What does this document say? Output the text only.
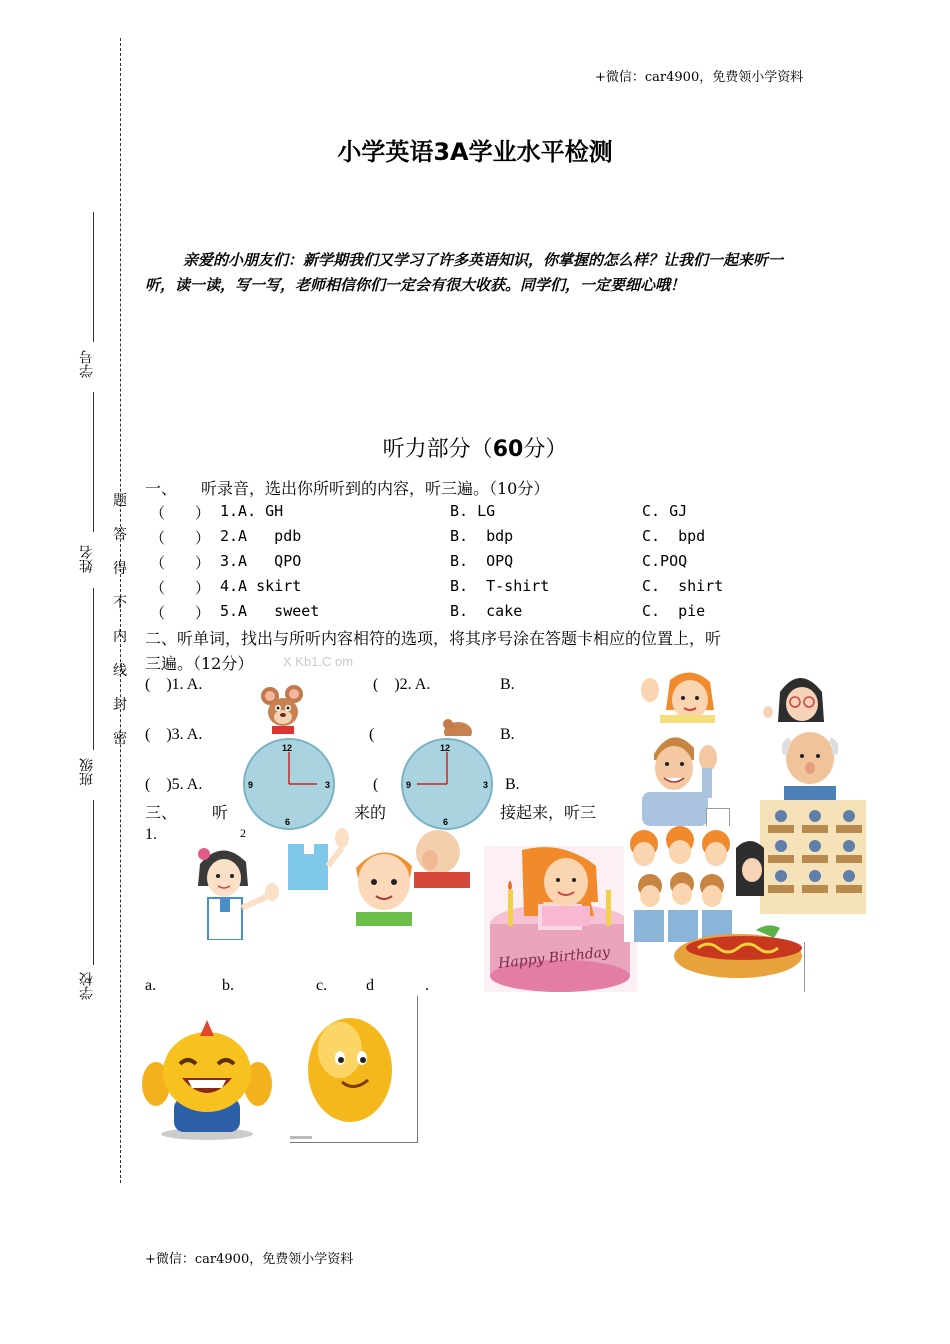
+微信：car4900，免费领小学资料
学号
姓名
班级
学校
题
答
得
不
内
线
封
密
小学英语3A学业水平检测
亲爱的小朋友们：新学期我们又学习了许多英语知识，你掌握的怎么样？让我们一起来听一听，读一读，写一写，老师相信你们一定会有很大收获。同学们，一定要细心哦！
听力部分（60分）
一、　　听录音，选出你所听到的内容，听三遍。（10分）
（　　） 1.A. GH	B. LG	C. GJ
（　　） 2.A   pdb	B.  bdp	C.  bpd
（　　） 3.A   QPO	B.  OPQ	C.POQ
（　　） 4.A skirt	B.  T-shirt	C.  shirt
（　　） 5.A   sweet	B.  cake	C.  pie
二、听单词，找出与所听内容相符的选项，将其序号涂在答题卡相应的位置上，听
三遍。（12分） X Kb1.C om
(    )1. A.	(    )2. A.	B.
(    )3. A.	(	B.
(    )5. A.	(	B.
三、 听	来的	接起来，听三
1.	2
a.	b.	c. d	.
12
3
6
9
12
3
6
9
Happy Birthday
+微信：car4900，免费领小学资料
